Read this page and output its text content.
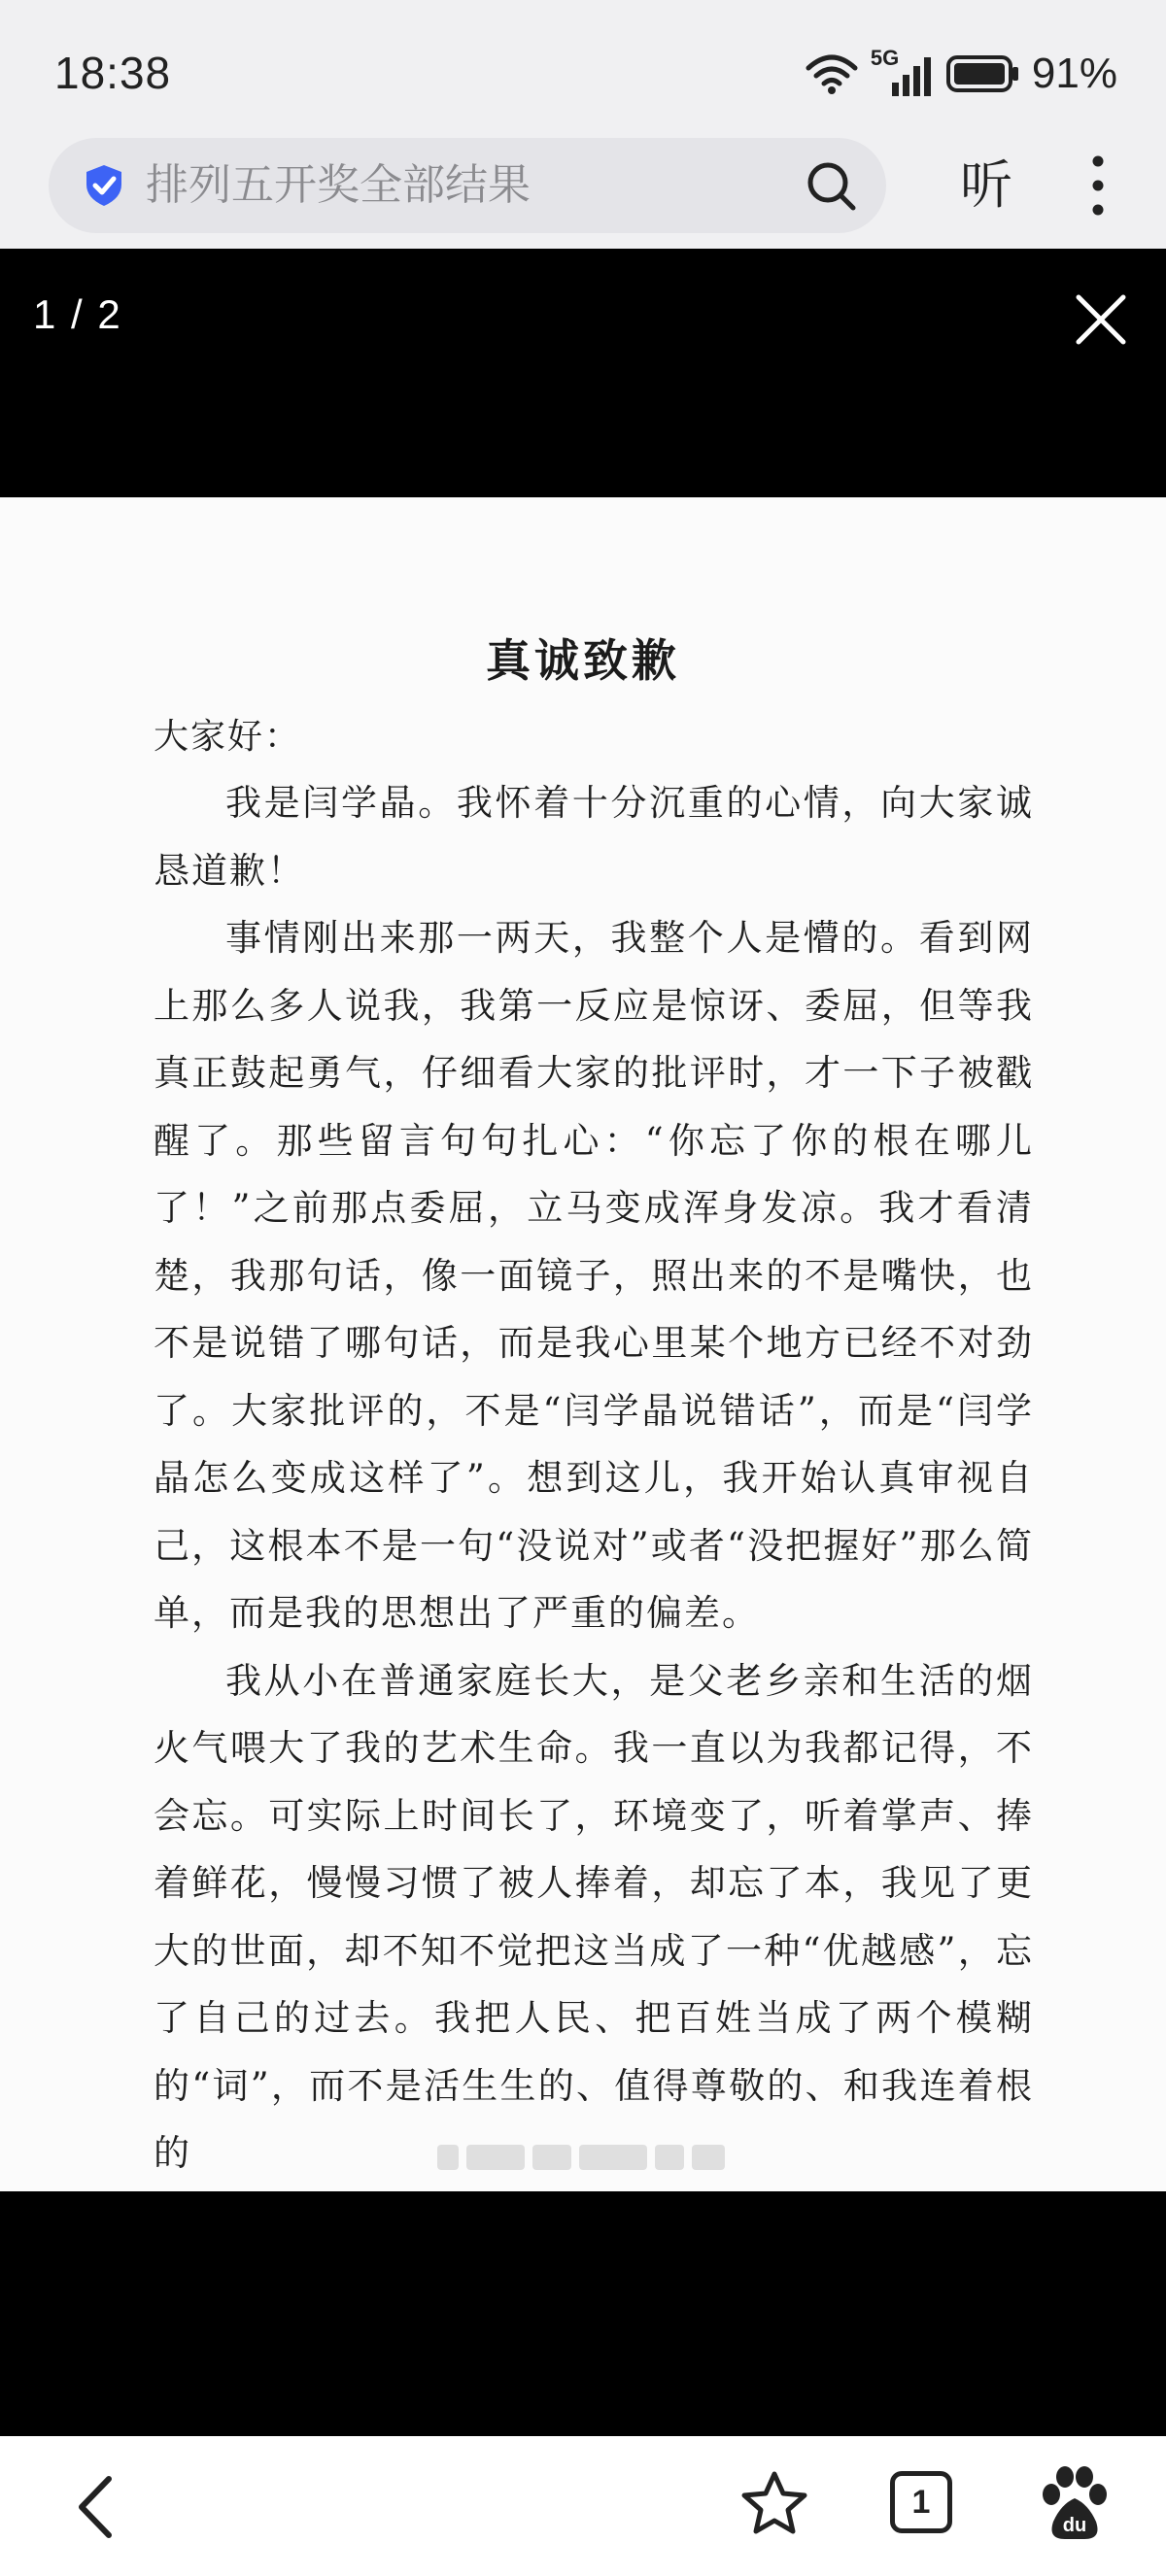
18:38	5G	91%
排列五开奖全部结果	听
1 / 2
真诚致歉
大家好：

我是闫学晶。我怀着十分沉重的心情，向大家诚恳道歉！

事情刚出来那一两天，我整个人是懵的。看到网上那么多人说我，我第一反应是惊讶、委屈，但等我真正鼓起勇气，仔细看大家的批评时，才一下子被戳醒了。那些留言句句扎心：“你忘了你的根在哪儿了！”之前那点委屈，立马变成浑身发凉。我才看清楚，我那句话，像一面镜子，照出来的不是嘴快，也不是说错了哪句话，而是我心里某个地方已经不对劲了。大家批评的，不是“闫学晶说错话”，而是“闫学晶怎么变成这样了”。想到这儿，我开始认真审视自己，这根本不是一句“没说对”或者“没把握好”那么简单，而是我的思想出了严重的偏差。

我从小在普通家庭长大，是父老乡亲和生活的烟火气喂大了我的艺术生命。我一直以为我都记得，不会忘。可实际上时间长了，环境变了，听着掌声、捧着鲜花，慢慢习惯了被人捧着，却忘了本，我见了更大的世面，却不知不觉把这当成了一种“优越感”，忘了自己的过去。我把人民、把百姓当成了两个模糊的“词”，而不是活生生的、值得尊敬的、和我连着根的

1
du
